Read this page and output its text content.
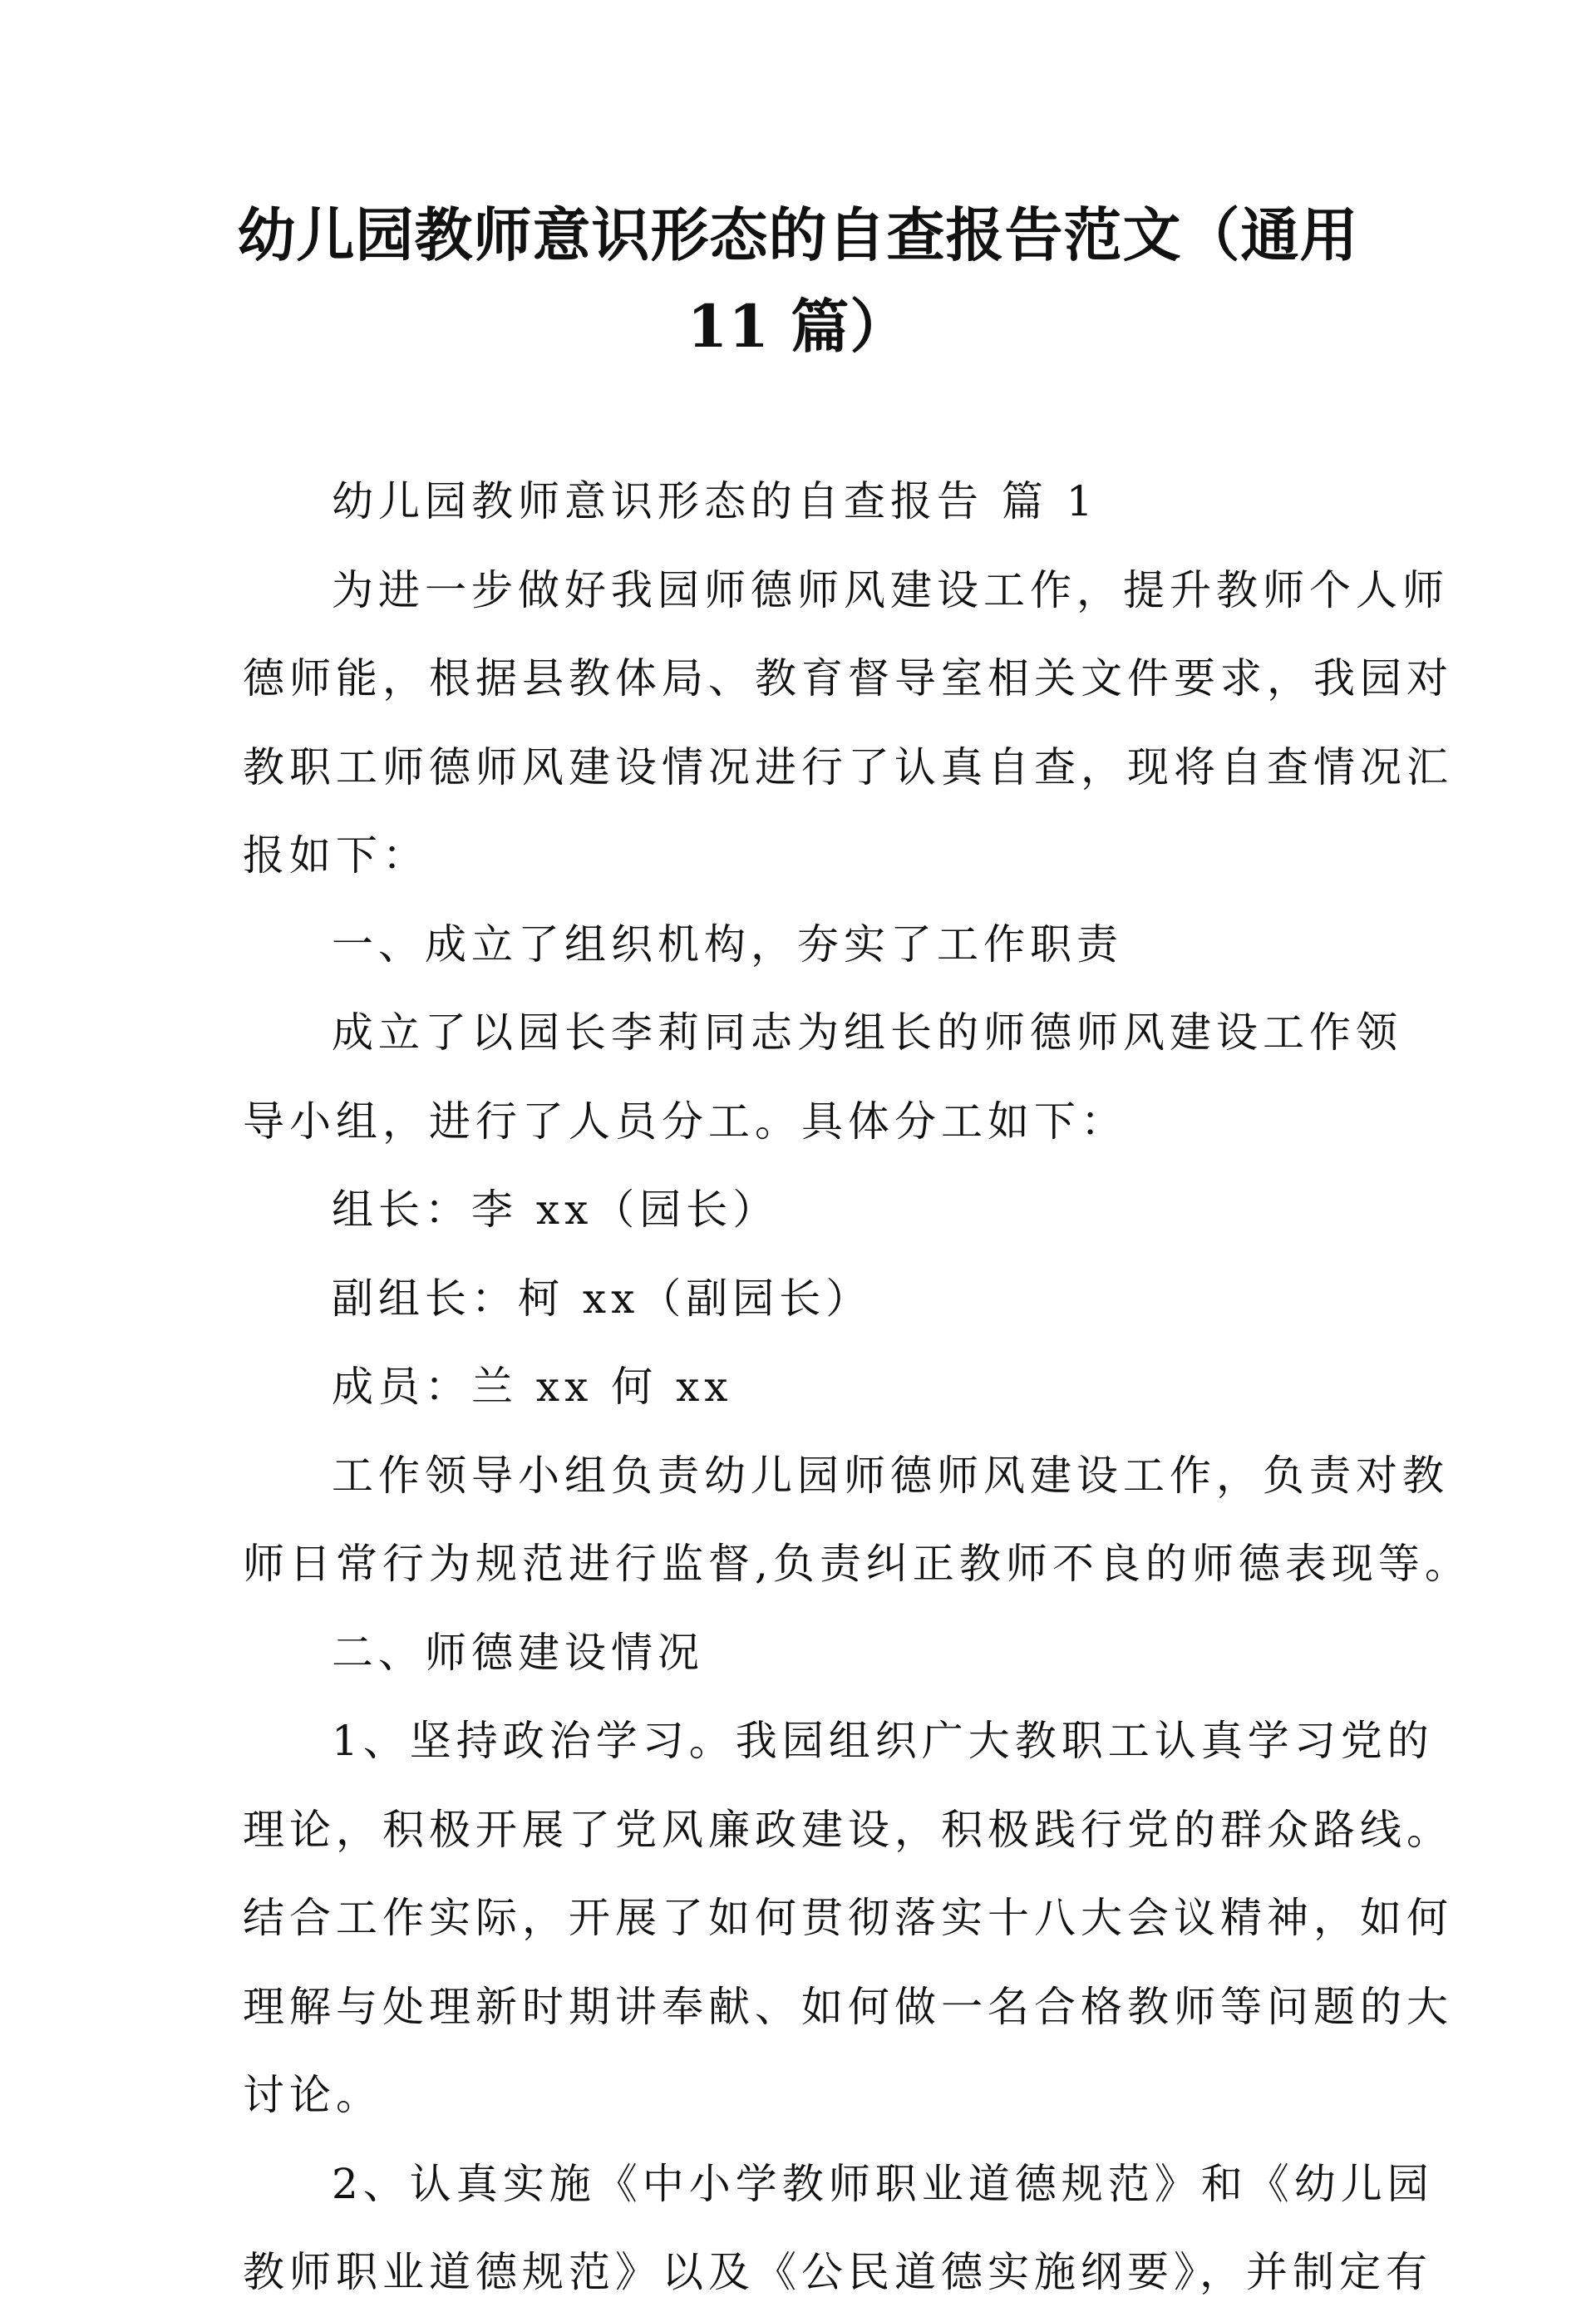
幼儿园教师意识形态的自查报告范文（通用
11 篇）
幼儿园教师意识形态的自查报告 篇 1
为进一步做好我园师德师风建设工作，提升教师个人师
德师能，根据县教体局、教育督导室相关文件要求，我园对
教职工师德师风建设情况进行了认真自查，现将自查情况汇
报如下：
一、成立了组织机构，夯实了工作职责
成立了以园长李莉同志为组长的师德师风建设工作领
导小组，进行了人员分工。具体分工如下：
组长：李 xx（园长）
副组长：柯 xx（副园长）
成员：兰 xx 何 xx
工作领导小组负责幼儿园师德师风建设工作，负责对教
师日常行为规范进行监督,负责纠正教师不良的师德表现等。
二、师德建设情况
1、坚持政治学习。我园组织广大教职工认真学习党的
理论，积极开展了党风廉政建设，积极践行党的群众路线。
结合工作实际，开展了如何贯彻落实十八大会议精神，如何
理解与处理新时期讲奉献、如何做一名合格教师等问题的大
讨论。
2、认真实施《中小学教师职业道德规范》和《幼儿园
教师职业道德规范》以及《公民道德实施纲要》，并制定有
